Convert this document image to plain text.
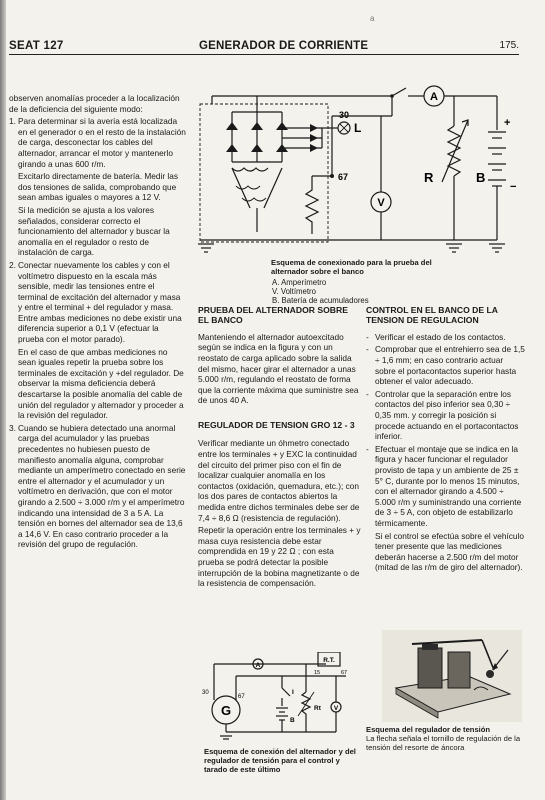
a
SEAT 127	GENERADOR DE CORRIENTE	175.

observen anomalías proceder a la localización de la deficiencia del siguiente modo:

1. Para determinar si la avería está localizada en el generador o en el resto de la instalación de carga, desconectar los cables del alternador, arrancar el motor y mantenerlo girando a unas 600 r/m.

Excitarlo directamente de batería. Medir las dos tensiones de salida, comprobando que sean ambas iguales o mayores a 12 V.

Si la medición se ajusta a los valores señalados, considerar correcto el funcionamiento del alternador y buscar la anomalía en el regulador o resto de instalación de carga.

2. Conectar nuevamente los cables y con el voltímetro dispuesto en la escala más sensible, medir las tensiones entre el terminal de excitación del alternador y masa y entre el terminal + del regulador y masa. Entre ambas mediciones no debe existir una diferencia superior a 0,1 V (efectuar la prueba con el motor parado).

En el caso de que ambas mediciones no sean iguales repetir la prueba sobre los terminales de excitación y +del regulador. De observar la misma deficiencia deberá descartarse la posible anomalía del cable de unión del regulador y alternador y proceder a la revisión del regulador.

3. Cuando se hubiera detectado una anormal carga del acumulador y las pruebas precedentes no hubiesen puesto de manifiesto anomalía alguna, comprobar mediante un amperímetro conectado en serie entre el alternador y el acumulador y un voltímetro en derivación, que con el motor girando a 2.500 ÷ 3.000 r/m y el amperímetro indicando una intensidad de 3 a 5 A. La tensión en bornes del alternador sea de 13,6 a 14,6 V. En caso contrario proceder a la revisión del grupo de regulación.

A
+
−
B
R
L
30
67
V
Esquema de conexionado para la prueba del alternador sobre el banco
A. Amperímetro
V. Voltímetro
B. Batería de acumuladores

PRUEBA DEL ALTERNADOR SOBRE EL BANCO

Manteniendo el alternador autoexcitado según se indica en la figura y con un reostato de carga aplicado sobre la salida del mismo, hacer girar el alternador a unas 5.000 r/m, regulando el reostato de forma que la corriente máxima que suministre sea de unos 40 A.

REGULADOR DE TENSION GRO 12 - 3

Verificar mediante un óhmetro conectado entre los terminales + y EXC la continuidad del circuito del primer piso con el fin de localizar cualquier anomalía en los contactos (oxidación, quemadura, etc.); con los dos pares de contactos abiertos la medida entre dichos terminales debe ser de 7,4 ÷ 8,6 Ω (resistencia de regulación).

Repetir la operación entre los terminales + y masa cuya resistencia debe estar comprendida en 19 y 22 Ω ; con esta prueba se podrá detectar la posible interrupción de la bobina magnetizante o de la resistencia de compensación.

CONTROL EN EL BANCO DE LA TENSION DE REGULACION

- Verificar el estado de los contactos.

- Comprobar que el entrehierro sea de 1,5 ÷ 1,6 mm; en caso contrario actuar sobre el portacontactos superior hasta obtener el valor adecuado.

- Controlar que la separación entre los contactos del piso inferior sea 0,30 ÷ 0,35 mm. y corregir la posición si procede actuando en el portacontactos inferior.

- Efectuar el montaje que se indica en la figura y hacer funcionar el regulador provisto de tapa y un ambiente de 25 ± 5° C, durante por lo menos 15 minutos, con el alternador girando a 4.500 ÷ 5.000 r/m y suministrando una corriente de 3 ÷ 5 A, con objeto de estabilizarlo térmicamente.

Si el control se efectúa sobre el vehículo tener presente que las mediciones deberán hacerse a 2.500 r/m del motor (mitad de las r/m de giro del alternador).

G
67
30
R.T.
15	67
A
I
B
Rt V
Esquema de conexión del alternador y del regulador de tensión para el control y tarado de este último
Esquema del regulador de tensión
La flecha señala el tornillo de regulación de la tensión del resorte de áncora
